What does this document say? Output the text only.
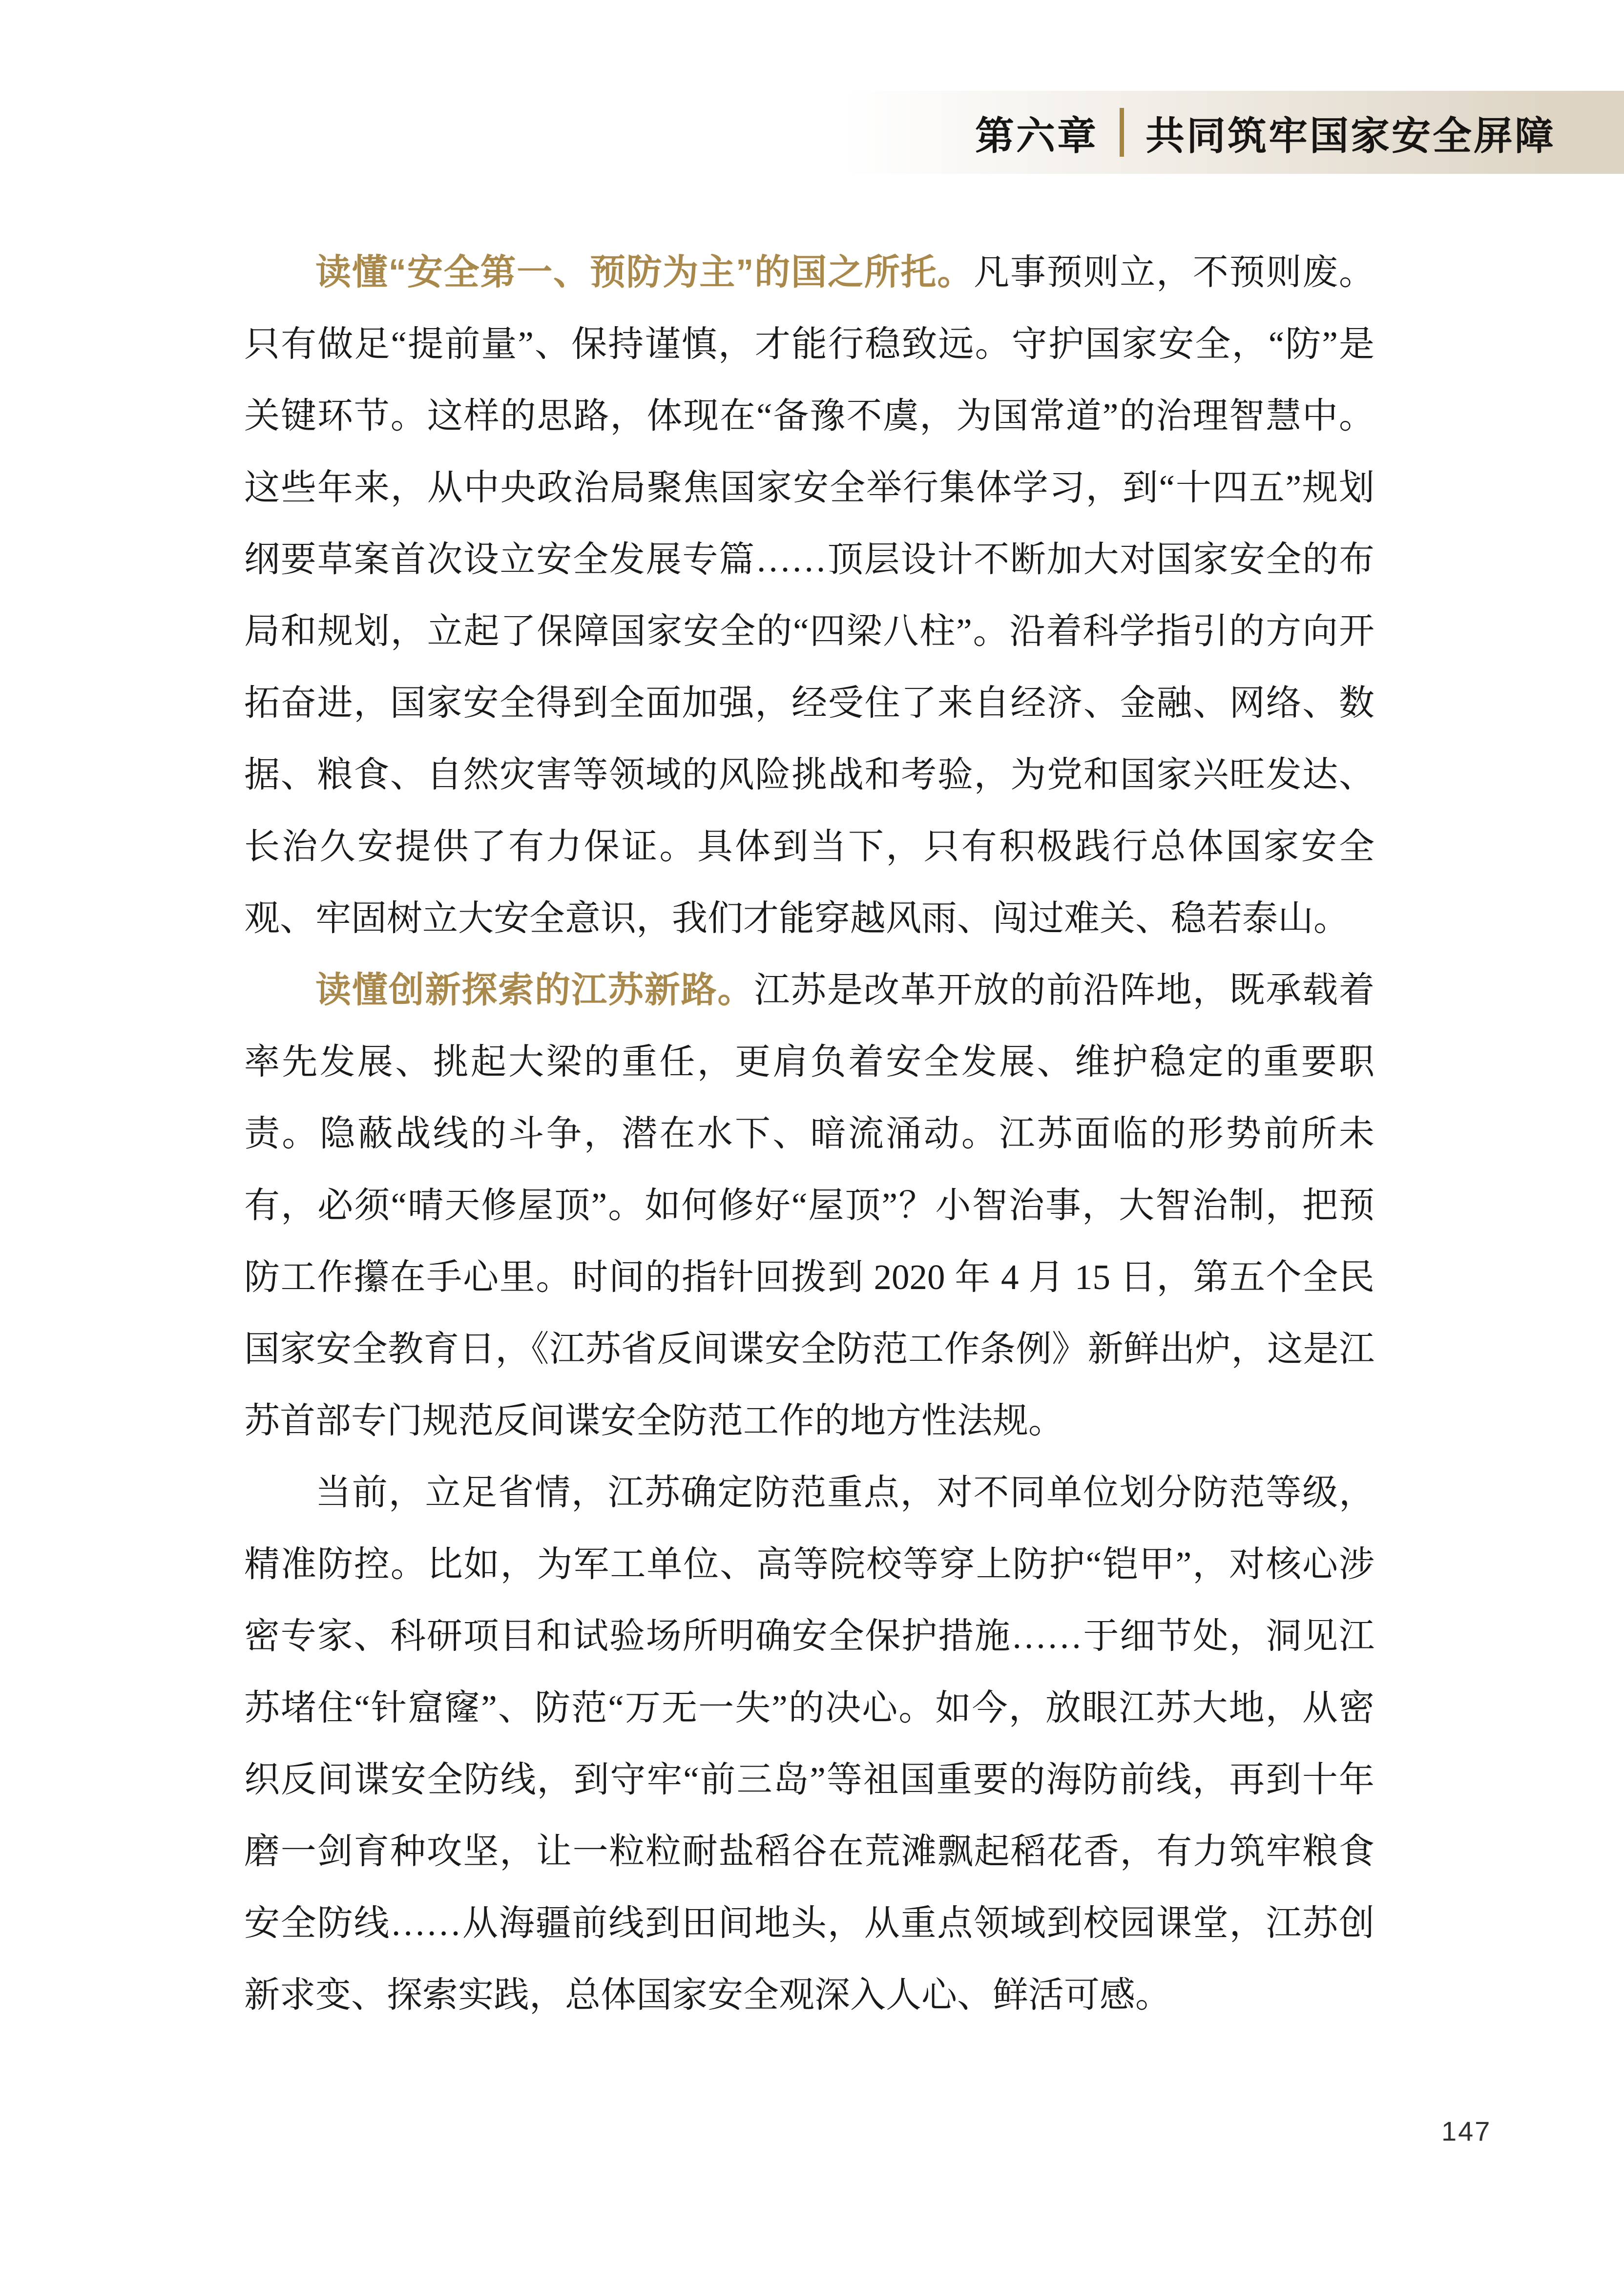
第六章 共同筑牢国家安全屏障

读懂“安全第一、预防为主”的国之所托。凡事预则立，不预则废。只有做足“提前量”、保持谨慎，才能行稳致远。守护国家安全，“防”是关键环节。这样的思路，体现在“备豫不虞，为国常道”的治理智慧中。这些年来，从中央政治局聚焦国家安全举行集体学习，到“十四五”规划纲要草案首次设立安全发展专篇……顶层设计不断加大对国家安全的布局和规划，立起了保障国家安全的“四梁八柱”。沿着科学指引的方向开拓奋进，国家安全得到全面加强，经受住了来自经济、金融、网络、数据、粮食、自然灾害等领域的风险挑战和考验，为党和国家兴旺发达、长治久安提供了有力保证。具体到当下，只有积极践行总体国家安全观、牢固树立大安全意识，我们才能穿越风雨、闯过难关、稳若泰山。

读懂创新探索的江苏新路。江苏是改革开放的前沿阵地，既承载着率先发展、挑起大梁的重任，更肩负着安全发展、维护稳定的重要职责。隐蔽战线的斗争，潜在水下、暗流涌动。江苏面临的形势前所未有，必须“晴天修屋顶”。如何修好“屋顶”？小智治事，大智治制，把预防工作攥在手心里。时间的指针回拨到 2020 年 4 月 15 日，第五个全民国家安全教育日，《江苏省反间谍安全防范工作条例》新鲜出炉，这是江苏首部专门规范反间谍安全防范工作的地方性法规。

当前，立足省情，江苏确定防范重点，对不同单位划分防范等级，精准防控。比如，为军工单位、高等院校等穿上防护“铠甲”，对核心涉密专家、科研项目和试验场所明确安全保护措施……于细节处，洞见江苏堵住“针窟窿”、防范“万无一失”的决心。如今，放眼江苏大地，从密织反间谍安全防线，到守牢“前三岛”等祖国重要的海防前线，再到十年磨一剑育种攻坚，让一粒粒耐盐稻谷在荒滩飘起稻花香，有力筑牢粮食安全防线……从海疆前线到田间地头，从重点领域到校园课堂，江苏创新求变、探索实践，总体国家安全观深入人心、鲜活可感。

147
